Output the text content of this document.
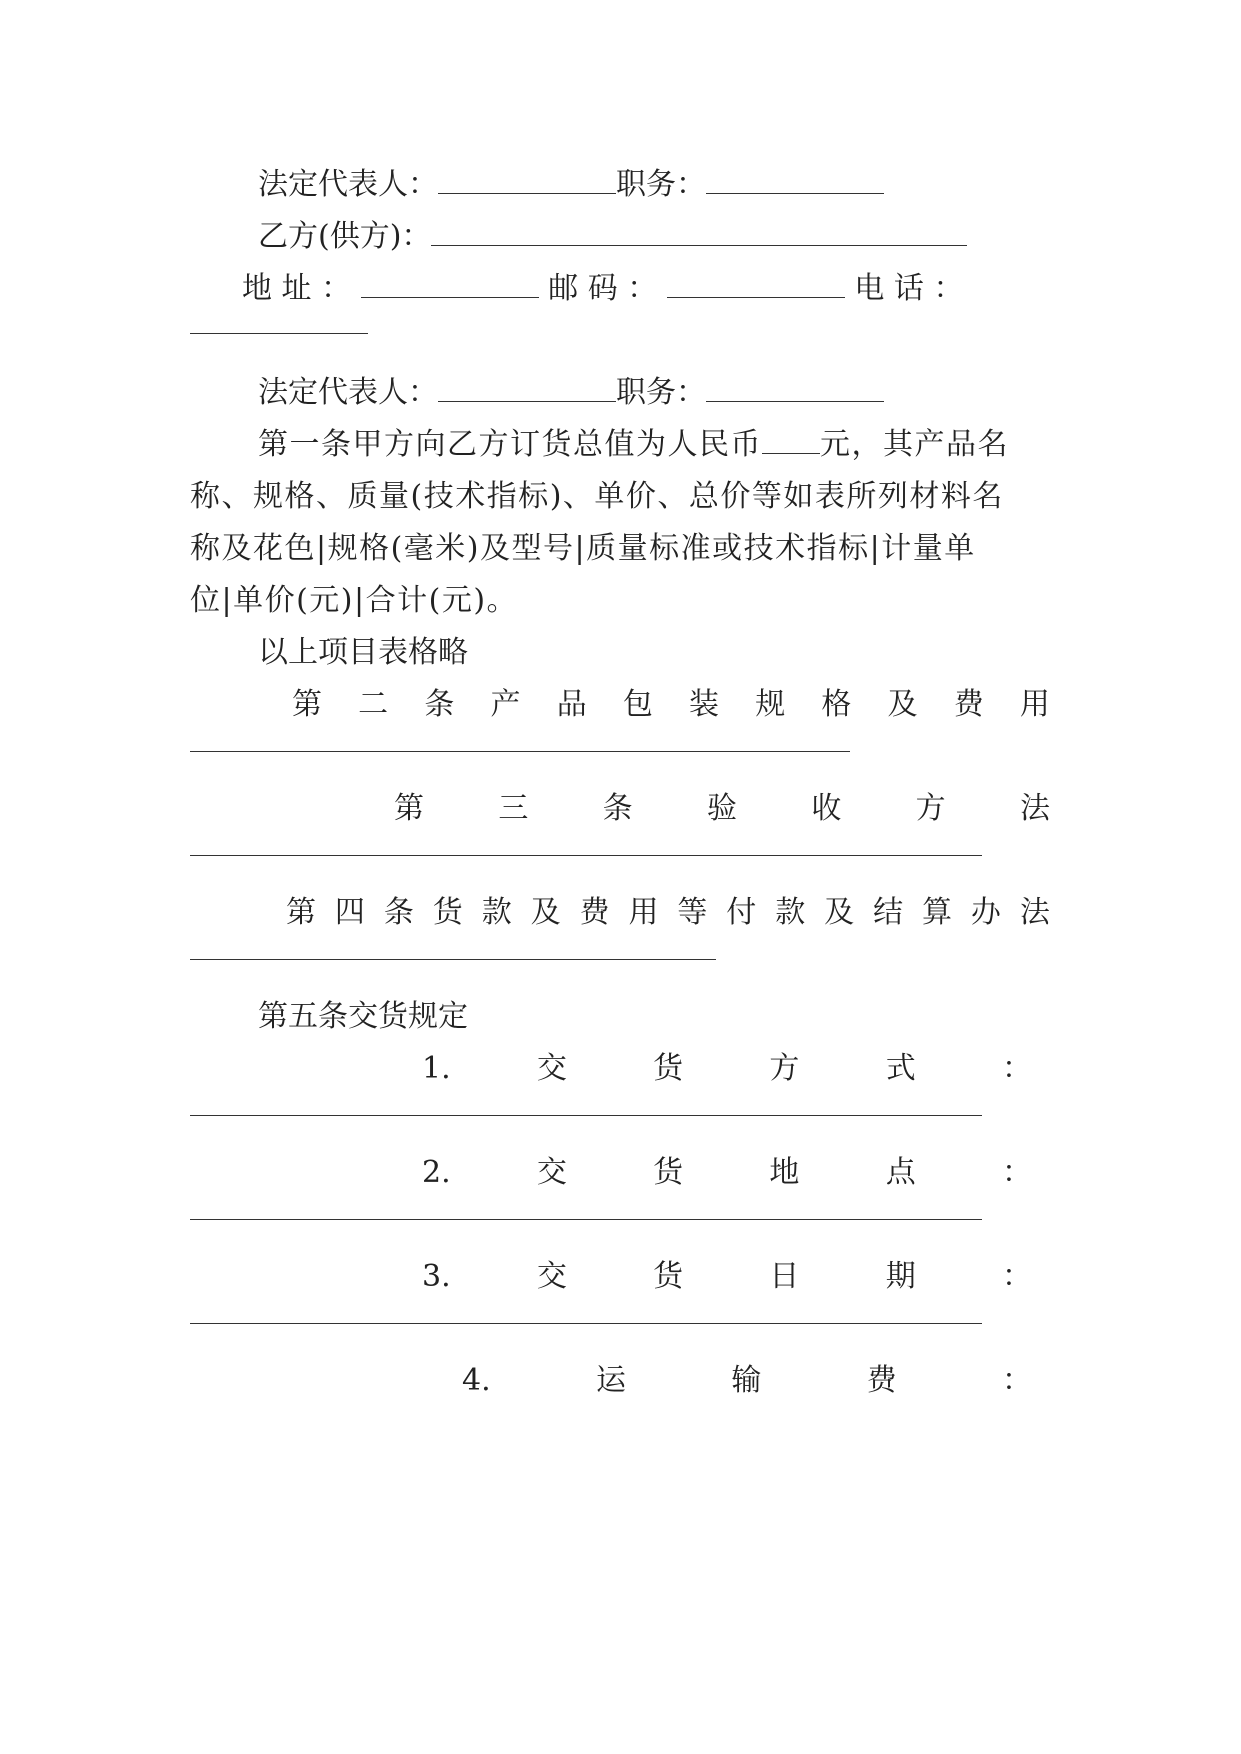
法定代表人：	职务：
乙方(供方)：
地 址 ：	邮 码 ：	电 话 ：
法定代表人：	职务：
第一条甲方向乙方订货总值为人民币 元，其产品名
称、规格、质量(技术指标)、单价、总价等如表所列材料名
称及花色|规格(毫米)及型号|质量标准或技术指标|计量单
位|单价(元)|合计(元)。
以上项目表格略
第 二 条 产 品 包 装 规 格 及 费 用
第 三 条 验 收 方 法
第 四 条 货 款 及 费 用 等 付 款 及 结 算 办 法
第五条交货规定
1.	交	货	方	式	：
2.	交	货	地	点	：
3.	交	货	日	期	：
4.	运	输	费	：
